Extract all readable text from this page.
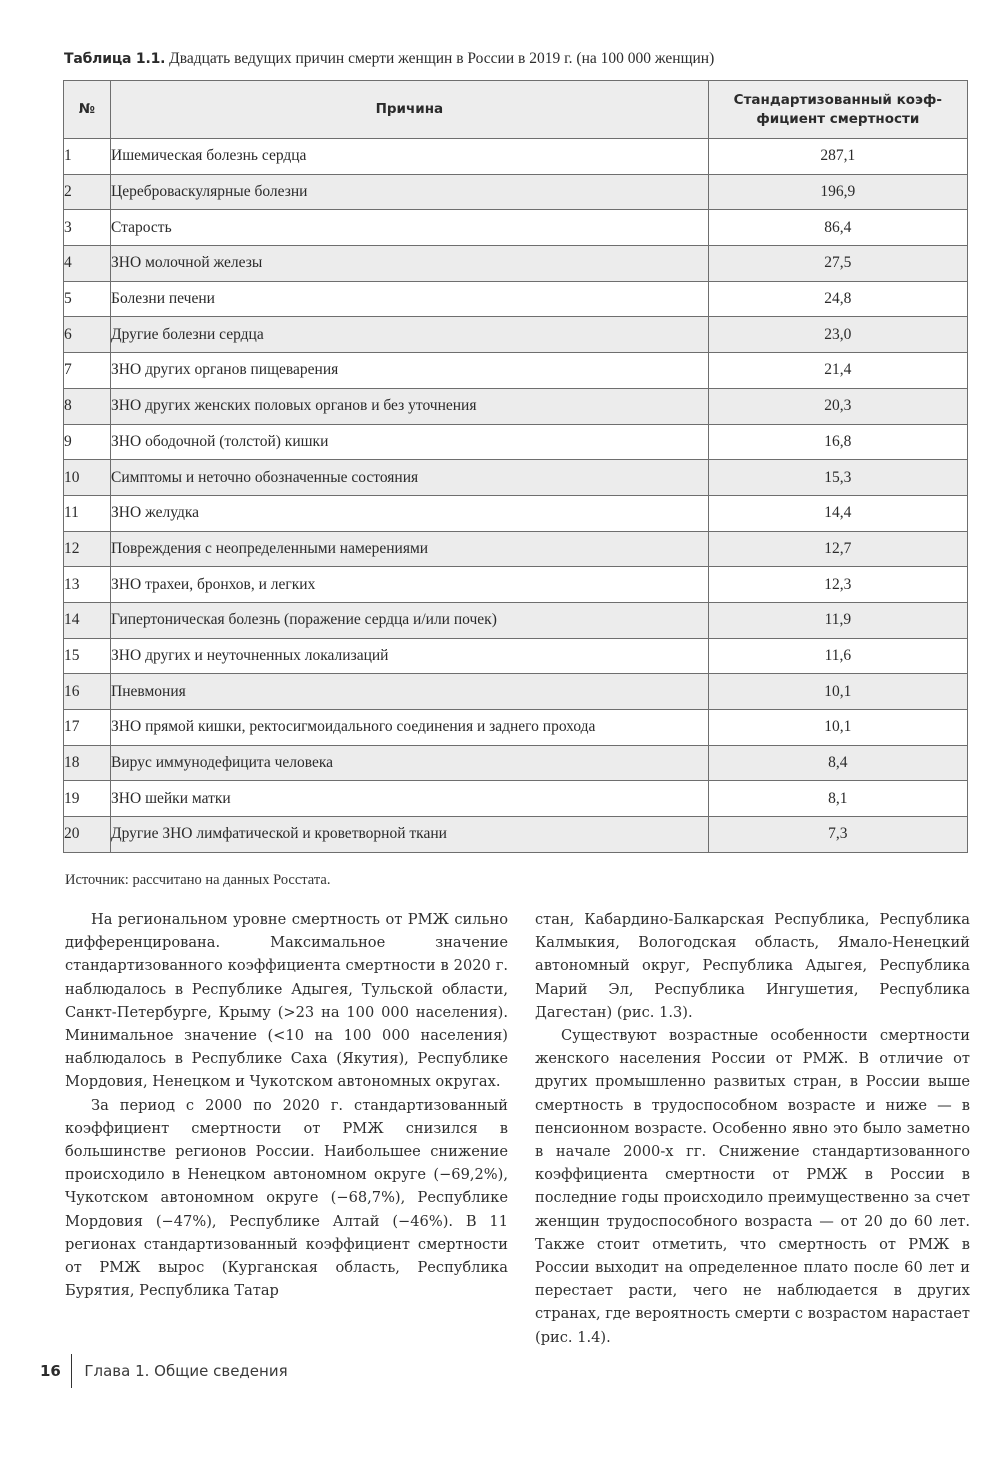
Таблица 1.1. Двадцать ведущих причин смерти женщин в России в 2019 г. (на 100 000 женщин)
№	Причина	Стандартизованный коэф-фициент смертности
1	Ишемическая болезнь сердца	287,1
2	Цереброваскулярные болезни	196,9
3	Старость	86,4
4	ЗНО молочной железы	27,5
5	Болезни печени	24,8
6	Другие болезни сердца	23,0
7	ЗНО других органов пищеварения	21,4
8	ЗНО других женских половых органов и без уточнения	20,3
9	ЗНО ободочной (толстой) кишки	16,8
10	Симптомы и неточно обозначенные состояния	15,3
11	ЗНО желудка	14,4
12	Повреждения с неопределенными намерениями	12,7
13	ЗНО трахеи, бронхов, и легких	12,3
14	Гипертоническая болезнь (поражение сердца и/или почек)	11,9
15	ЗНО других и неуточненных локализаций	11,6
16	Пневмония	10,1
17	ЗНО прямой кишки, ректосигмоидального соединения и заднего прохода	10,1
18	Вирус иммунодефицита человека	8,4
19	ЗНО шейки матки	8,1
20	Другие ЗНО лимфатической и кроветворной ткани	7,3
Источник: рассчитано на данных Росстата.

На региональном уровне смертность от РМЖ сильно дифференцирована. Максимальное значение стандартизованного коэффициента смертности в 2020 г. наблюдалось в Республике Адыгея, Тульской области, Санкт-Петербурге, Крыму (>23 на 100 000 населения). Минимальное значение (<10 на 100 000 населения) наблюдалось в Республике Саха (Якутия), Республике Мордовия, Ненецком и Чукотском автономных округах.

За период с 2000 по 2020 г. стандартизованный коэффициент смертности от РМЖ снизился в большинстве регионов России. Наибольшее снижение происходило в Ненецком автономном округе (−69,2%), Чукотском автономном округе (−68,7%), Республике Мордовия (−47%), Республике Алтай (−46%). В 11 регионах стандартизованный коэффициент смертности от РМЖ вырос (Курганская область, Республика Бурятия, Республика Татар

стан, Кабардино-Балкарская Республика, Республика Калмыкия, Вологодская область, Ямало-Ненецкий автономный округ, Республика Адыгея, Республика Марий Эл, Республика Ингушетия, Республика Дагестан) (рис. 1.3).

Существуют возрастные особенности смертности женского населения России от РМЖ. В отличие от других промышленно развитых стран, в России выше смертность в трудоспособном возрасте и ниже — в пенсионном возрасте. Особенно явно это было заметно в начале 2000-х гг. Снижение стандартизованного коэффициента смертности от РМЖ в России в последние годы происходило преимущественно за счет женщин трудоспособного возраста — от 20 до 60 лет. Также стоит отметить, что смертность от РМЖ в России выходит на определенное плато после 60 лет и перестает расти, чего не наблюдается в других странах, где вероятность смерти с возрастом нарастает (рис. 1.4).

16	Глава 1. Общие сведения
